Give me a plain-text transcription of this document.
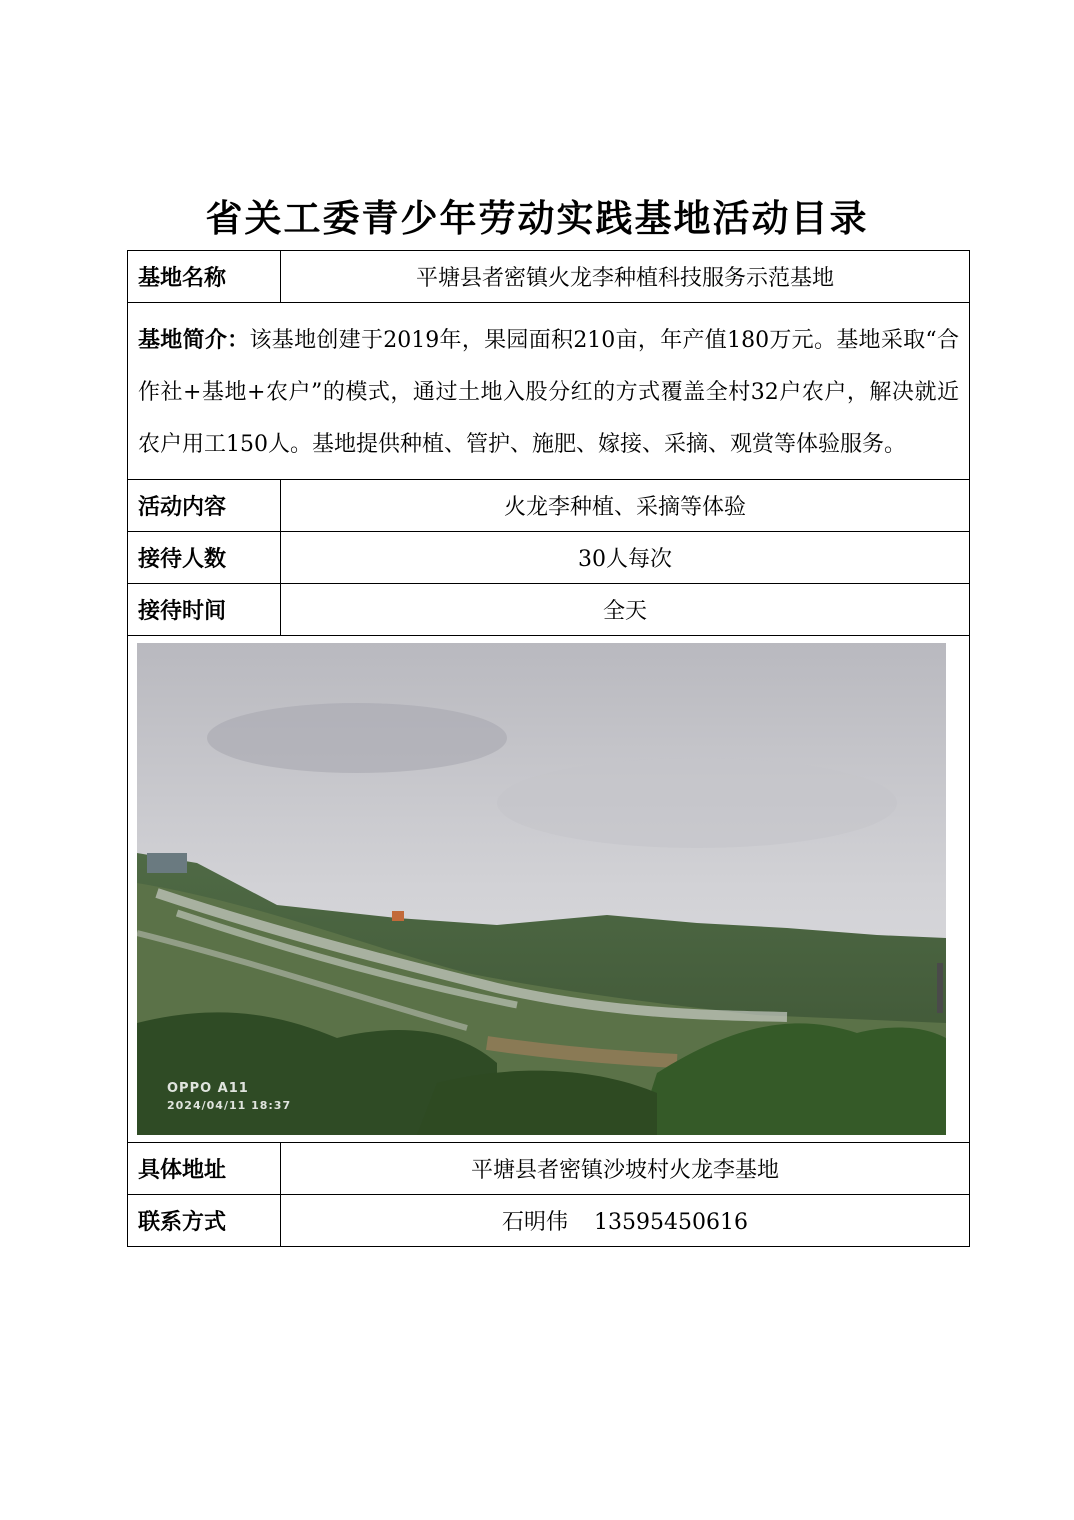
省关工委青少年劳动实践基地活动目录
基地名称	平塘县者密镇火龙李种植科技服务示范基地
基地简介：该基地创建于2019年，果园面积210亩，年产值180万元。基地采取“合作社+基地+农户”的模式，通过土地入股分红的方式覆盖全村32户农户，解决就近农户用工150人。基地提供种植、管护、施肥、嫁接、采摘、观赏等体验服务。	
活动内容	火龙李种植、采摘等体验
接待人数	30人每次
接待时间	全天

OPPO A11
2024/04/11 18:37	

具体地址	平塘县者密镇沙坡村火龙李基地
联系方式	石明伟 13595450616
